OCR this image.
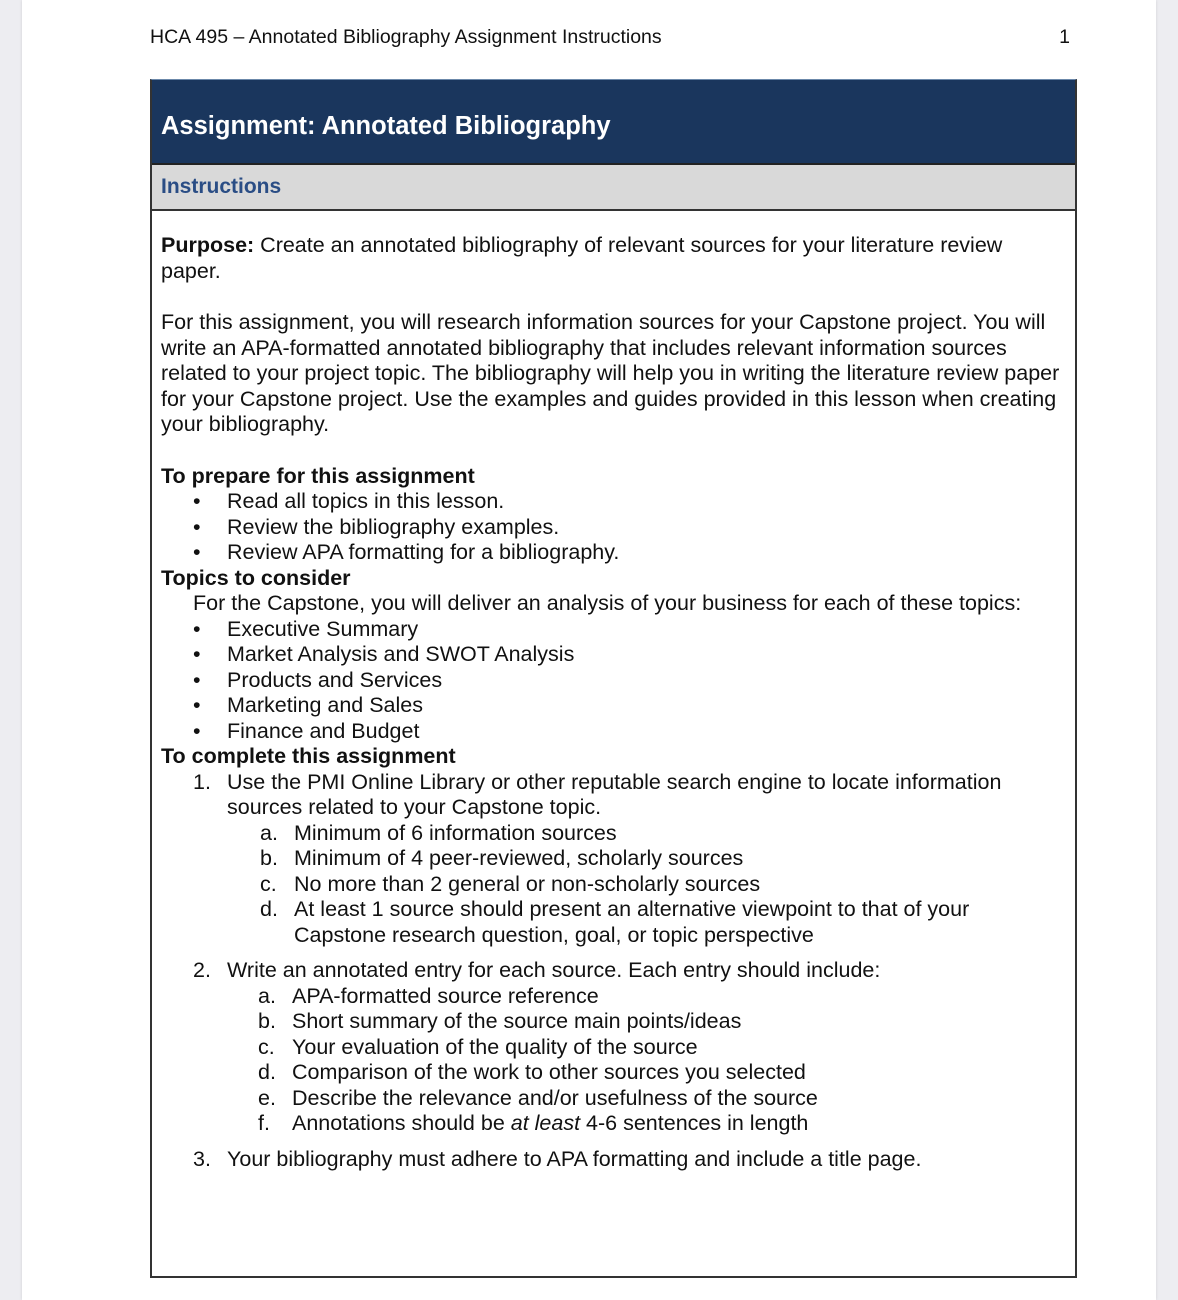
HCA 495 – Annotated Bibliography Assignment Instructions	1
Assignment: Annotated Bibliography
Instructions

Purpose: Create an annotated bibliography of relevant sources for your literature review paper.

For this assignment, you will research information sources for your Capstone project. You will write an APA-formatted annotated bibliography that includes relevant information sources related to your project topic. The bibliography will help you in writing the literature review paper for your Capstone project. Use the examples and guides provided in this lesson when creating your bibliography.

To prepare for this assignment

• Read all topics in this lesson.
• Review the bibliography examples.
• Review APA formatting for a bibliography.

Topics to consider

For the Capstone, you will deliver an analysis of your business for each of these topics:

• Executive Summary
• Market Analysis and SWOT Analysis
• Products and Services
• Marketing and Sales
• Finance and Budget

To complete this assignment

1. Use the PMI Online Library or other reputable search engine to locate information sources related to your Capstone topic.
a. Minimum of 6 information sources
b. Minimum of 4 peer-reviewed, scholarly sources
c. No more than 2 general or non-scholarly sources
d. At least 1 source should present an alternative viewpoint to that of your Capstone research question, goal, or topic perspective
2. Write an annotated entry for each source. Each entry should include:
a. APA-formatted source reference
b. Short summary of the source main points/ideas
c. Your evaluation of the quality of the source
d. Comparison of the work to other sources you selected
e. Describe the relevance and/or usefulness of the source
f. Annotations should be at least 4-6 sentences in length
3. Your bibliography must adhere to APA formatting and include a title page.
